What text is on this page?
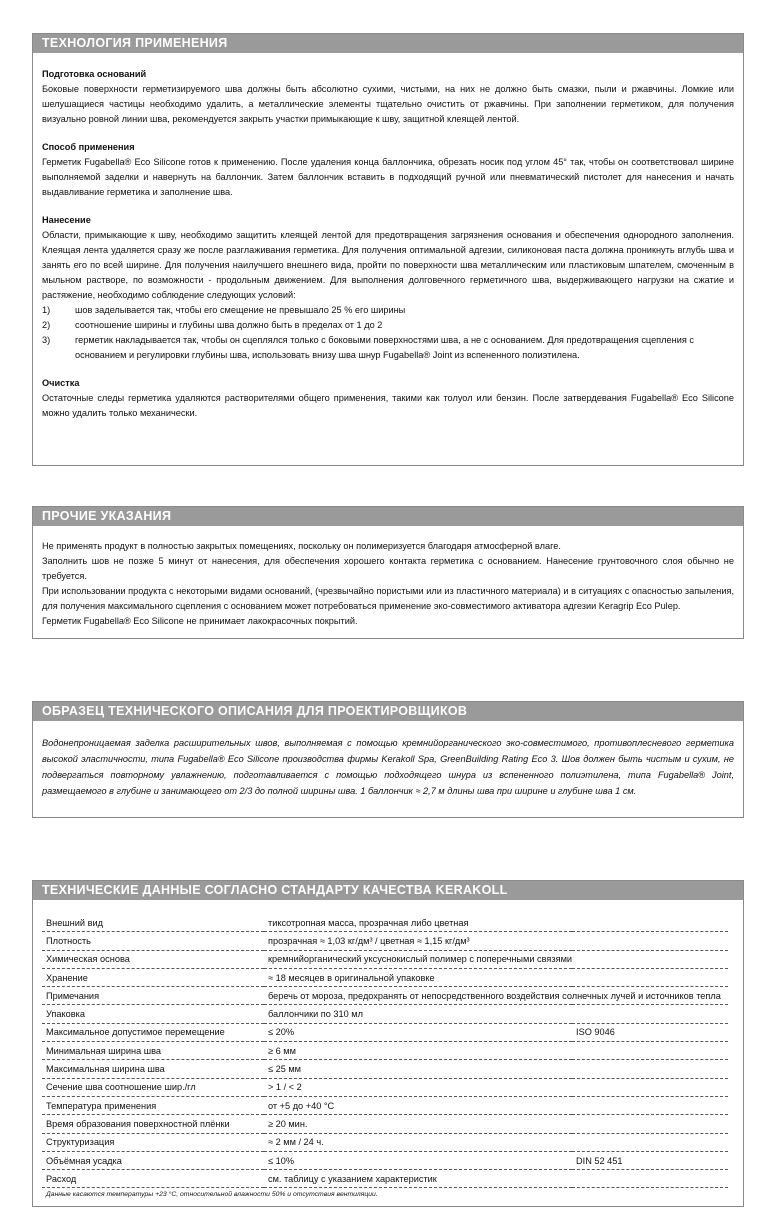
ТЕХНОЛОГИЯ ПРИМЕНЕНИЯ
Подготовка оснований

Боковые поверхности герметизируемого шва должны быть абсолютно сухими, чистыми, на них не должно быть смазки, пыли и ржавчины. Ломкие или шелушащиеся частицы необходимо удалить, а металлические элементы тщательно очистить от ржавчины. При заполнении герметиком, для получения визуально ровной линии шва, рекомендуется закрыть участки примыкающие к шву, защитной клеящей лентой.

Способ применения

Герметик Fugabella® Eco Silicone готов к применению. После удаления конца баллончика, обрезать носик под углом 45° так, чтобы он соответствовал ширине выполняемой заделки и навернуть на баллончик. Затем баллончик вставить в подходящий ручной или пневматический пистолет для нанесения и начать выдавливание герметика и заполнение шва.

Нанесение

Области, примыкающие к шву, необходимо защитить клеящей лентой для предотвращения загрязнения основания и обеспечения однородного заполнения. Клеящая лента удаляется сразу же после разглаживания герметика. Для получения оптимальной адгезии, силиконовая паста должна проникнуть вглубь шва и занять его по всей ширине. Для получения наилучшего внешнего вида, пройти по поверхности шва металлическим или пластиковым шпателем, смоченным в мыльном растворе, по возможности - продольным движением. Для выполнения долговечного герметичного шва, выдерживающего нагрузки на сжатие и растяжение, необходимо соблюдение следующих условий:

1)	шов заделывается так, чтобы его смещение не превышало 25 % его ширины
2)	соотношение ширины и глубины шва должно быть в пределах от 1 до 2
3)	герметик накладывается так, чтобы он сцеплялся только с боковыми поверхностями шва, а не с основанием. Для предотвращения сцепления с основанием и регулировки глубины шва, использовать внизу шва шнур Fugabella® Joint из вспененного полиэтилена.
Очистка

Остаточные следы герметика удаляются растворителями общего применения, такими как толуол или бензин. После затвердевания Fugabella® Eco Silicone можно удалить только механически.

ПРОЧИЕ УКАЗАНИЯ

Не применять продукт в полностью закрытых помещениях, поскольку он полимеризуется благодаря атмосферной влаге.

Заполнить шов не позже 5 минут от нанесения, для обеспечения хорошего контакта герметика с основанием. Нанесение грунтовочного слоя обычно не требуется.

При использовании продукта с некоторыми видами оснований, (чрезвычайно пористыми или из пластичного материала) и в ситуациях с опасностью запыления, для получения максимального сцепления с основанием может потребоваться применение эко-совместимого активатора адгезии Keragrip Eco Pulep.

Герметик Fugabella® Eco Silicone не принимает лакокрасочных покрытий.

ОБРАЗЕЦ ТЕХНИЧЕСКОГО ОПИСАНИЯ ДЛЯ ПРОЕКТИРОВЩИКОВ

Водонепроницаемая заделка расширительных швов, выполняемая с помощью кремнийорганического эко-совместимого, противоплесневого герметика высокой эластичности, типа Fugabella® Eco Silicone производства фирмы Kerakoll Spa, GreenBuilding Rating Eco 3. Шов должен быть чистым и сухим, не подвергаться повторному увлажнению, подготавливается с помощью подходящего шнура из вспененного полиэтилена, типа Fugabella® Joint, размещаемого в глубине и занимающего от 2/3 до полной ширины шва. 1 баллончик ≈ 2,7 м длины шва при ширине и глубине шва 1 см.

ТЕХНИЧЕСКИЕ ДАННЫЕ СОГЛАСНО СТАНДАРТУ КАЧЕСТВА KERAKOLL
Внешний вид	тиксотропная масса, прозрачная либо цветная	
Плотность	прозрачная ≈ 1,03 кг/дм³ / цветная ≈ 1,15 кг/дм³	
Химическая основа	кремнийорганический уксуснокислый полимер с поперечными связями	
Хранение	≈ 18 месяцев в оригинальной упаковке	
Примечания	беречь от мороза, предохранять от непосредственного воздействия солнечных лучей и источников тепла	
Упаковка	баллончики по 310 мл	
Максимальное допустимое перемещение	≤ 20%	ISO 9046
Минимальная ширина шва	≥ 6 мм	
Максимальная ширина шва	≤ 25 мм	
Сечение шва соотношение шир./гл	> 1 / < 2	
Температура применения	от +5 до +40 °С	
Время образования поверхностной плёнки	≥ 20 мин.	
Структуризация	≈ 2 мм / 24 ч.	
Объёмная усадка	≤ 10%	DIN 52 451
Расход	см. таблицу с указанием характеристик	
Данные касаются температуры +23 °С, относительной влажности 50% и отсутствия вентиляции.
